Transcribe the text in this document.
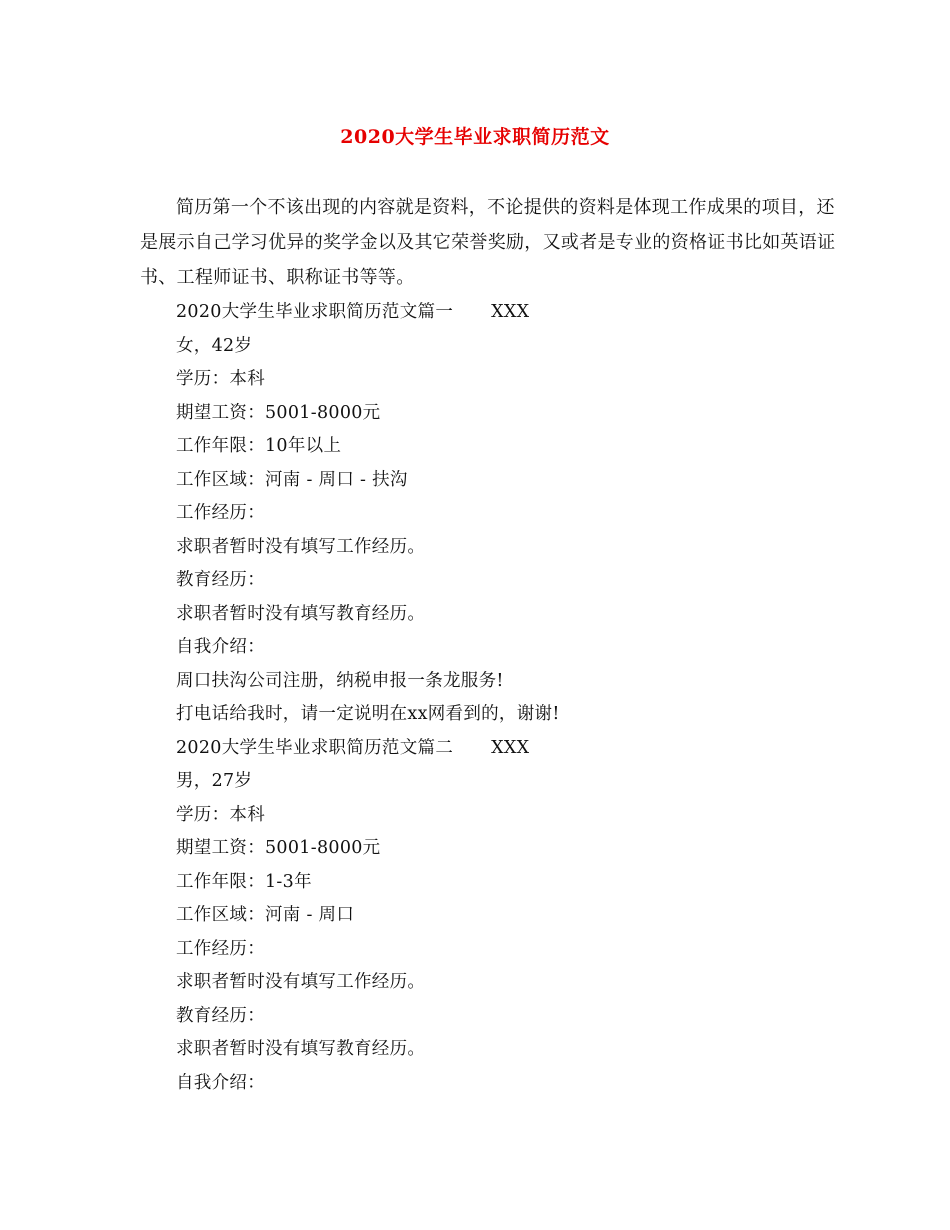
2020大学生毕业求职简历范文

简历第一个不该出现的内容就是资料，不论提供的资料是体现工作成果的项目，还是展示自己学习优异的奖学金以及其它荣誉奖励，又或者是专业的资格证书比如英语证书、工程师证书、职称证书等等。

2020大学生毕业求职简历范文篇一 XXX
女，42岁
学历：本科
期望工资：5001-8000元
工作年限：10年以上
工作区域：河南 - 周口 - 扶沟
工作经历：
求职者暂时没有填写工作经历。
教育经历：
求职者暂时没有填写教育经历。
自我介绍：
周口扶沟公司注册，纳税申报一条龙服务!
打电话给我时，请一定说明在xx网看到的，谢谢!
2020大学生毕业求职简历范文篇二 XXX
男，27岁
学历：本科
期望工资：5001-8000元
工作年限：1-3年
工作区域：河南 - 周口
工作经历：
求职者暂时没有填写工作经历。
教育经历：
求职者暂时没有填写教育经历。
自我介绍：
